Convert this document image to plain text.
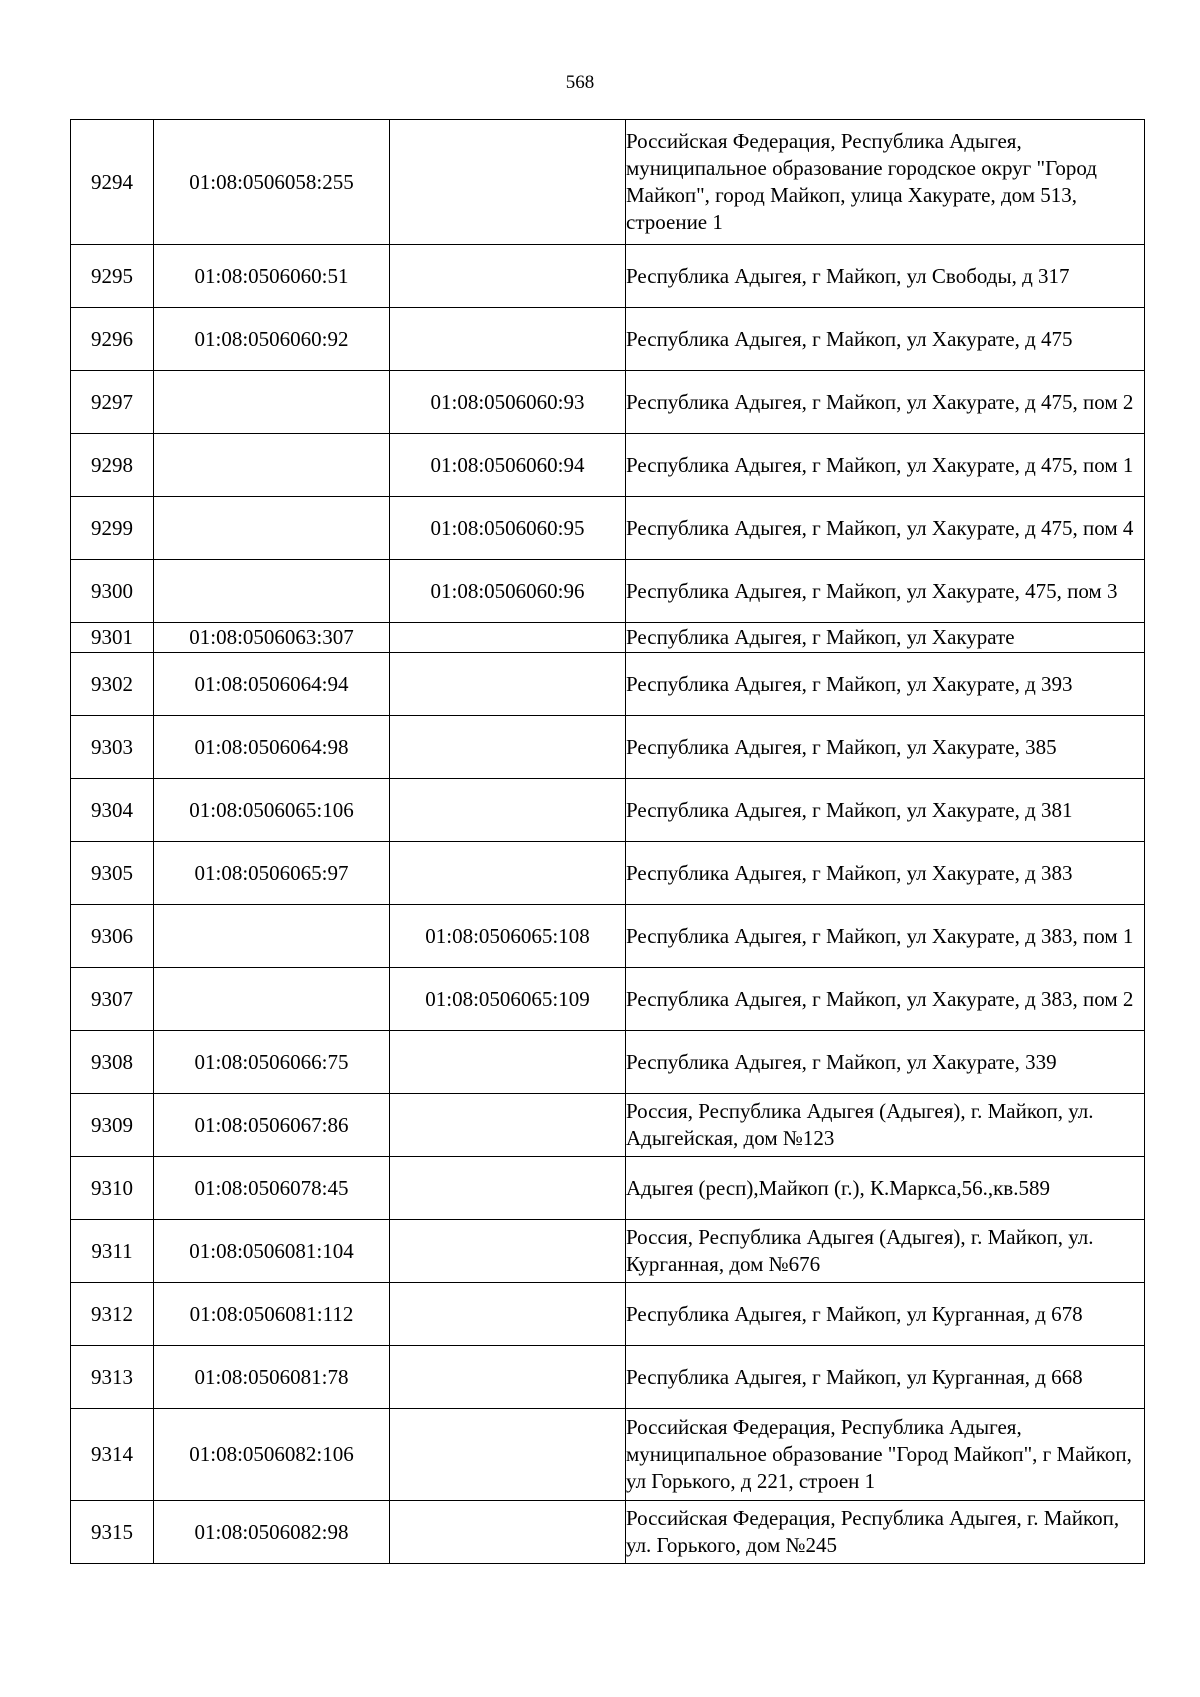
568
9294	01:08:0506058:255		Российская Федерация, Республика Адыгея, муниципальное образование городское округ "Город Майкоп", город Майкоп, улица Хакурате, дом 513, строение 1
9295	01:08:0506060:51		Республика Адыгея, г Майкоп, ул Свободы, д 317
9296	01:08:0506060:92		Республика Адыгея, г Майкоп, ул Хакурате, д 475
9297		01:08:0506060:93	Республика Адыгея, г Майкоп, ул Хакурате, д 475, пом 2
9298		01:08:0506060:94	Республика Адыгея, г Майкоп, ул Хакурате, д 475, пом 1
9299		01:08:0506060:95	Республика Адыгея, г Майкоп, ул Хакурате, д 475, пом 4
9300		01:08:0506060:96	Республика Адыгея, г Майкоп, ул Хакурате, 475, пом 3
9301	01:08:0506063:307		Республика Адыгея, г Майкоп, ул Хакурате
9302	01:08:0506064:94		Республика Адыгея, г Майкоп, ул Хакурате, д 393
9303	01:08:0506064:98		Республика Адыгея, г Майкоп, ул Хакурате, 385
9304	01:08:0506065:106		Республика Адыгея, г Майкоп, ул Хакурате, д 381
9305	01:08:0506065:97		Республика Адыгея, г Майкоп, ул Хакурате, д 383
9306		01:08:0506065:108	Республика Адыгея, г Майкоп, ул Хакурате, д 383, пом 1
9307		01:08:0506065:109	Республика Адыгея, г Майкоп, ул Хакурате, д 383, пом 2
9308	01:08:0506066:75		Республика Адыгея, г Майкоп, ул Хакурате, 339
9309	01:08:0506067:86		Россия, Республика Адыгея (Адыгея), г. Майкоп, ул. Адыгейская, дом №123
9310	01:08:0506078:45		Адыгея (респ),Майкоп (г.), К.Маркса,56.,кв.589
9311	01:08:0506081:104		Россия, Республика Адыгея (Адыгея), г. Майкоп, ул. Курганная, дом №676
9312	01:08:0506081:112		Республика Адыгея, г Майкоп, ул Курганная, д 678
9313	01:08:0506081:78		Республика Адыгея, г Майкоп, ул Курганная, д 668
9314	01:08:0506082:106		Российская Федерация, Республика Адыгея, муниципальное образование "Город Майкоп", г Майкоп, ул Горького, д 221, строен 1
9315	01:08:0506082:98		Российская Федерация, Республика Адыгея, г. Майкоп, ул. Горького, дом №245
